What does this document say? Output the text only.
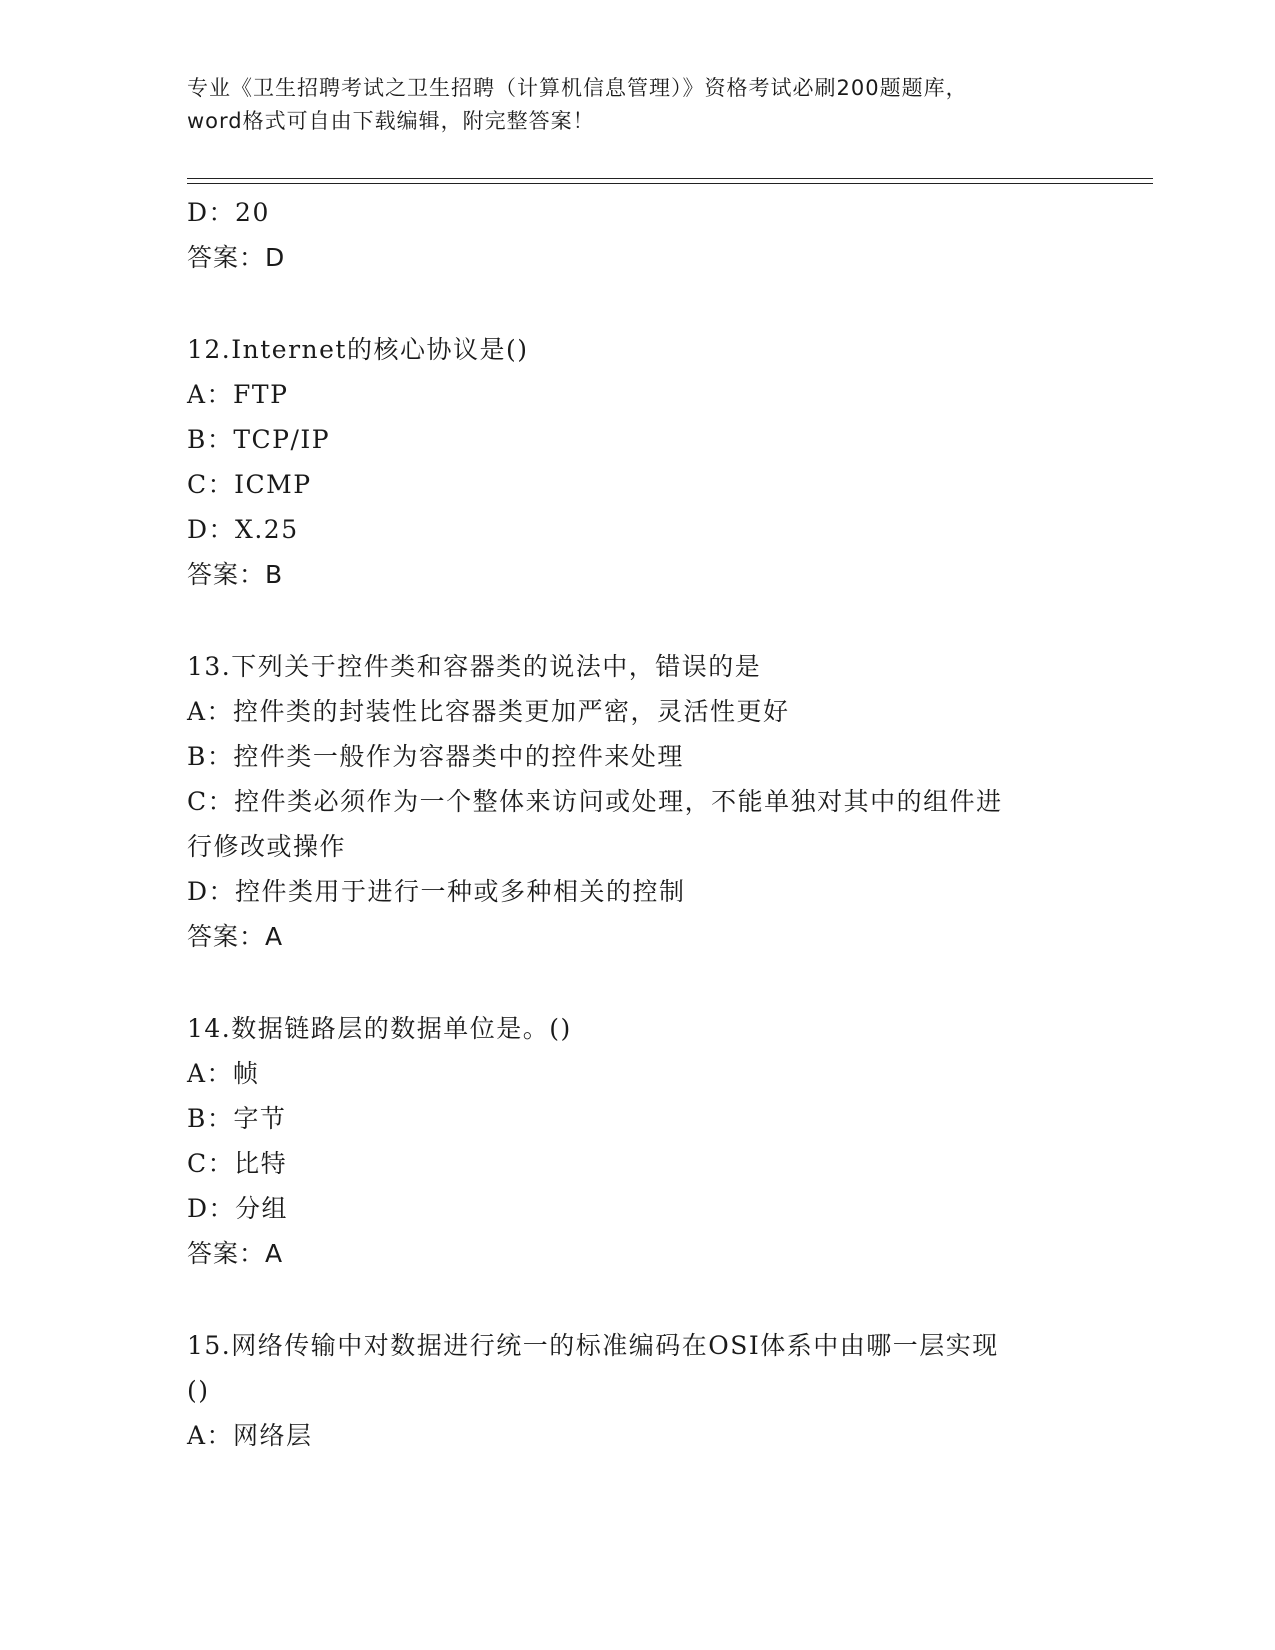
专业《卫生招聘考试之卫生招聘（计算机信息管理）》资格考试必刷200题题库，
word格式可自由下载编辑，附完整答案！
D：20
答案：D
12.Internet的核心协议是()
A：FTP
B：TCP/IP
C：ICMP
D：X.25
答案：B
13.下列关于控件类和容器类的说法中，错误的是
A：控件类的封装性比容器类更加严密，灵活性更好
B：控件类一般作为容器类中的控件来处理
C：控件类必须作为一个整体来访问或处理，不能单独对其中的组件进
行修改或操作
D：控件类用于进行一种或多种相关的控制
答案：A
14.数据链路层的数据单位是。()
A：帧
B：字节
C：比特
D：分组
答案：A
15.网络传输中对数据进行统一的标准编码在OSI体系中由哪一层实现
()
A：网络层
